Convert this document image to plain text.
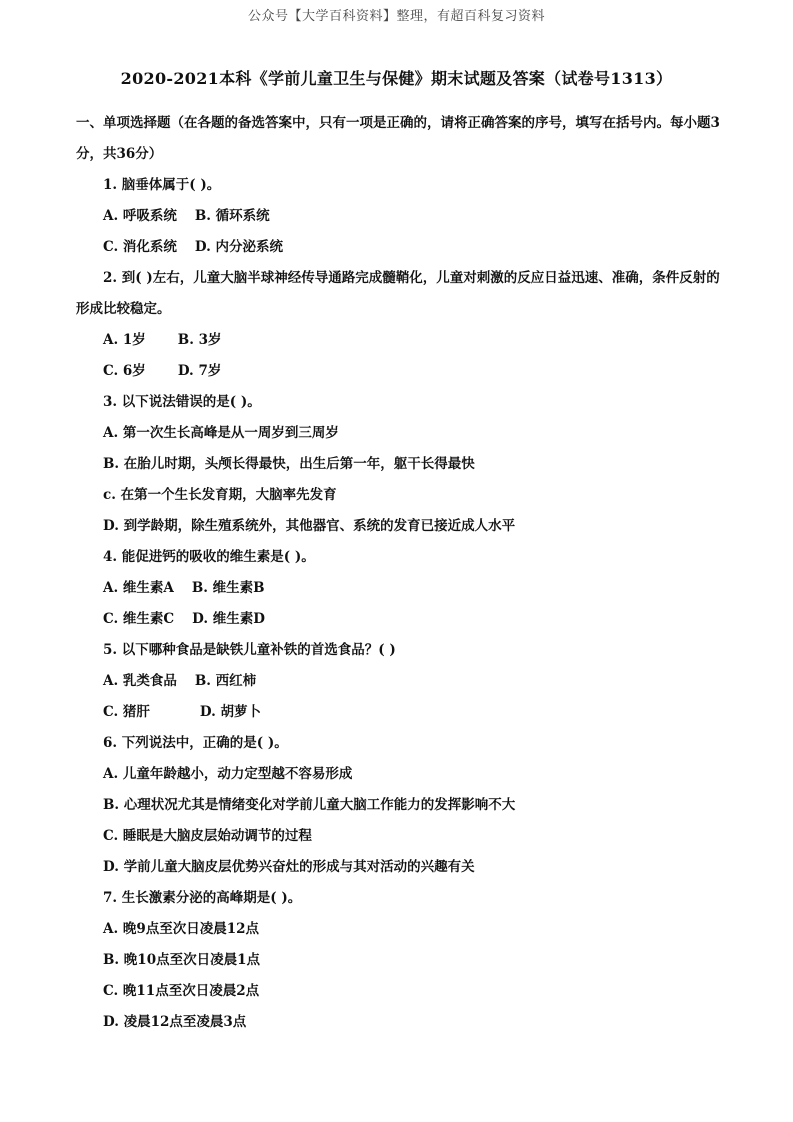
公众号【大学百科资料】整理，有超百科复习资料
2020-2021本科《学前儿童卫生与保健》期末试题及答案（试卷号1313）

一、单项选择题（在各题的备选答案中，只有一项是正确的，请将正确答案的序号，填写在括号内。每小题3分，共36分）

1. 脑垂体属于( )。
A. 呼吸系统 B. 循环系统
C. 消化系统 D. 内分泌系统
2. 到( )左右，儿童大脑半球神经传导通路完成髓鞘化，儿童对刺激的反应日益迅速、准确，条件反射的形成比较稳定。
A. 1岁 B. 3岁
C. 6岁 D. 7岁
3. 以下说法错误的是( )。
A. 第一次生长高峰是从一周岁到三周岁
B. 在胎儿时期，头颅长得最快，出生后第一年，躯干长得最快
c. 在第一个生长发育期，大脑率先发育
D. 到学龄期，除生殖系统外，其他器官、系统的发育已接近成人水平
4. 能促进钙的吸收的维生素是( )。
A. 维生素A B. 维生素B
C. 维生素C D. 维生素D
5. 以下哪种食品是缺铁儿童补铁的首选食品？( )
A. 乳类食品 B. 西红柿
C. 猪肝	D. 胡萝卜
6. 下列说法中，正确的是( )。
A. 儿童年龄越小，动力定型越不容易形成
B. 心理状况尤其是情绪变化对学前儿童大脑工作能力的发挥影响不大
C. 睡眠是大脑皮层始动调节的过程
D. 学前儿童大脑皮层优势兴奋灶的形成与其对活动的兴趣有关
7. 生长激素分泌的高峰期是( )。
A. 晚9点至次日凌晨12点
B. 晚10点至次日凌晨1点
C. 晚11点至次日凌晨2点
D. 凌晨12点至凌晨3点
